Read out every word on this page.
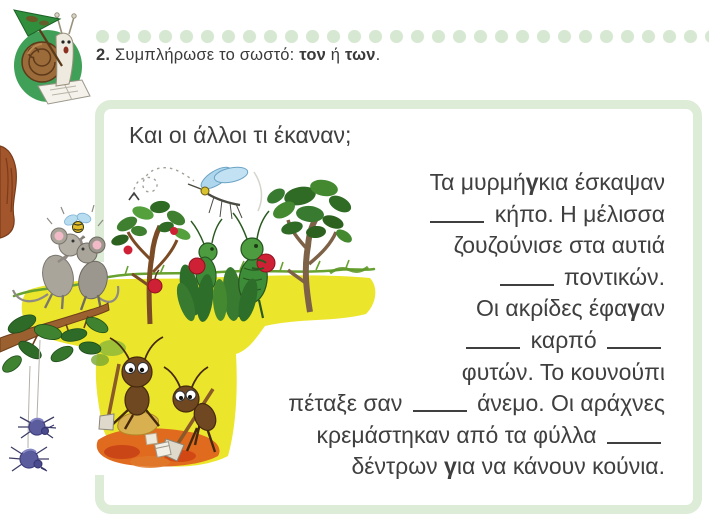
2. Συμπλήρωσε το σωστό: τον ή των.
Και οι άλλοι τι έκαναν;
Τα μυρμήγκια έσκαψαν
κήπο. Η μέλισσα
ζουζούνισε στα αυτιά
ποντικών.
Οι ακρίδες έφαγαν
καρπό
φυτών. Το κουνούπι
πέταξε σαν	άνεμο. Οι αράχνες
κρεμάστηκαν από τα φύλλα
δέντρων για να κάνουν κούνια.
